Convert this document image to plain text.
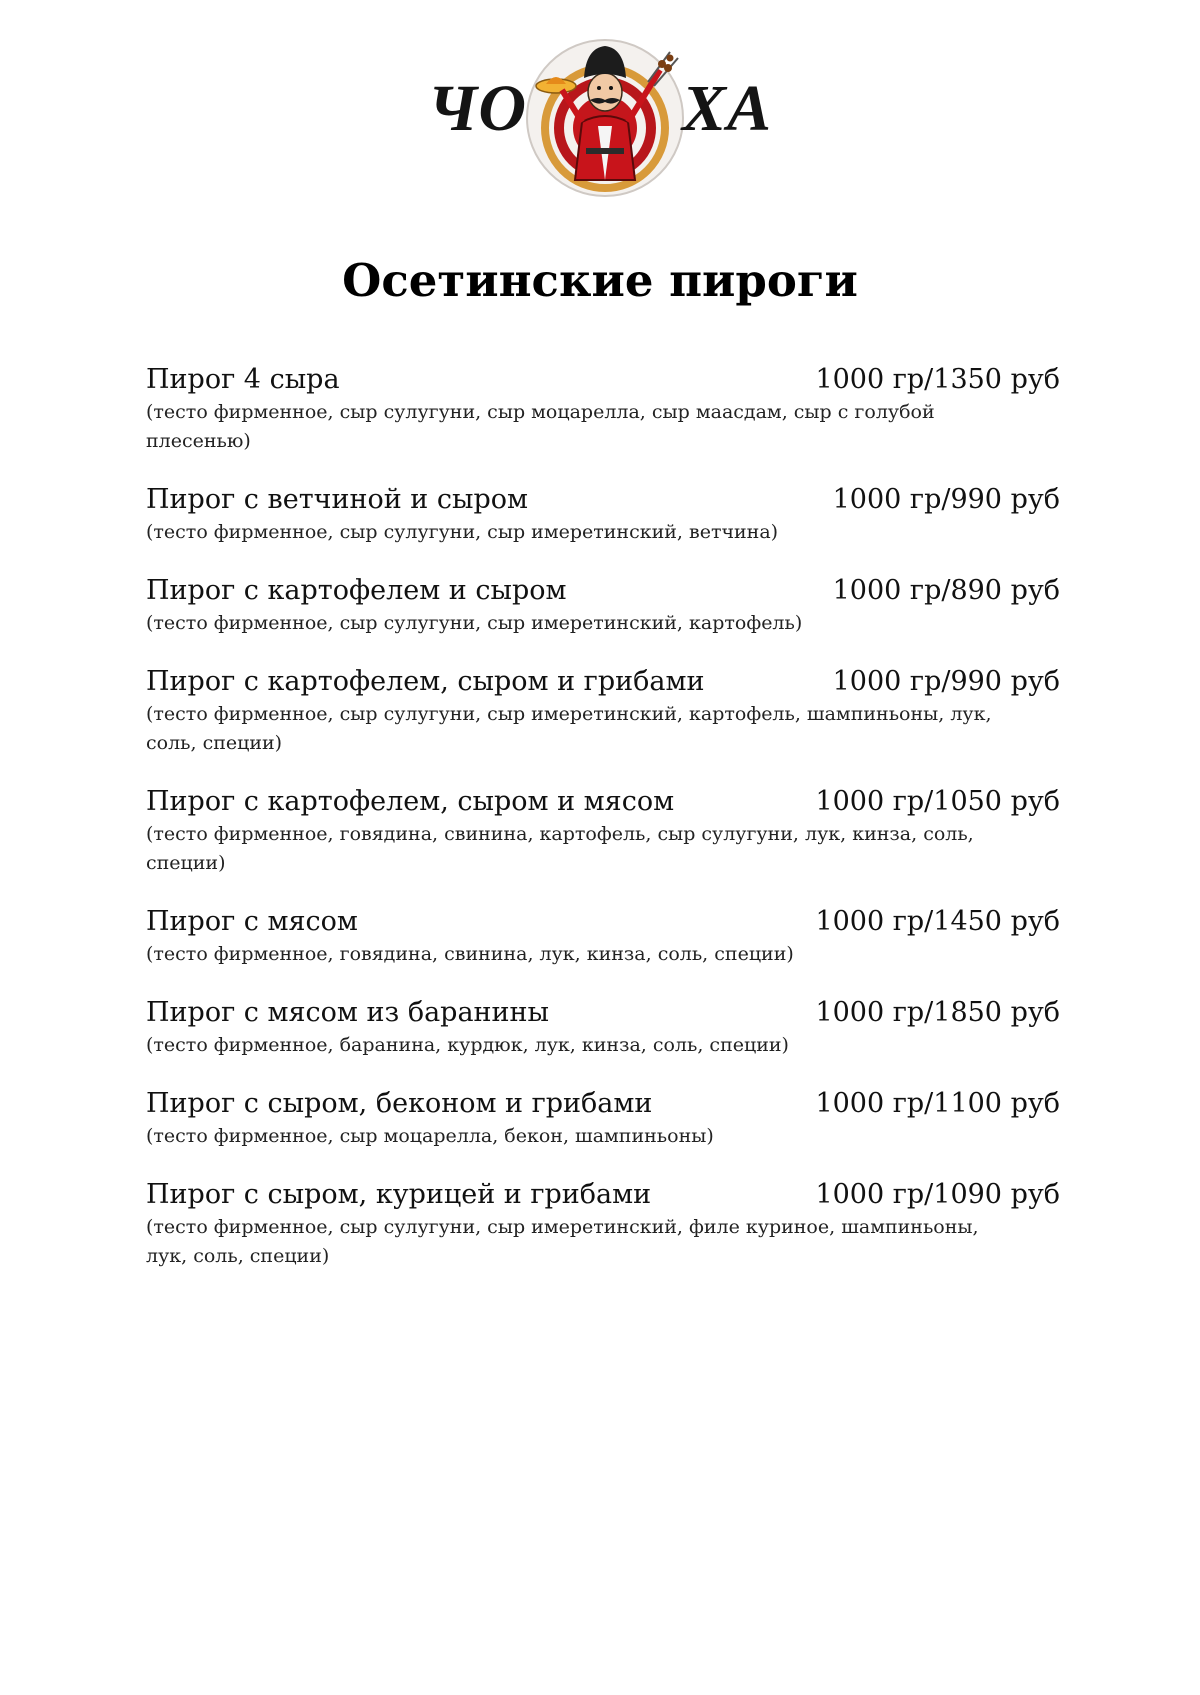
ЧО ХА
Осетинские пироги
Пирог 4 сыра	1000 гр/1350 руб
(тесто фирменное, сыр сулугуни, сыр моцарелла, сыр маасдам, сыр с голубой плесенью)
Пирог с ветчиной и сыром	1000 гр/990 руб
(тесто фирменное, сыр сулугуни, сыр имеретинский, ветчина)
Пирог с картофелем и сыром	1000 гр/890 руб
(тесто фирменное, сыр сулугуни, сыр имеретинский, картофель)
Пирог с картофелем, сыром и грибами	1000 гр/990 руб
(тесто фирменное, сыр сулугуни, сыр имеретинский, картофель, шампиньоны, лук, соль, специи)
Пирог с картофелем, сыром и мясом	1000 гр/1050 руб
(тесто фирменное, говядина, свинина, картофель, сыр сулугуни, лук, кинза, соль, специи)
Пирог с мясом	1000 гр/1450 руб
(тесто фирменное, говядина, свинина, лук, кинза, соль, специи)
Пирог с мясом из баранины	1000 гр/1850 руб
(тесто фирменное, баранина, курдюк, лук, кинза, соль, специи)
Пирог с сыром, беконом и грибами	1000 гр/1100 руб
(тесто фирменное, сыр моцарелла, бекон, шампиньоны)
Пирог с сыром, курицей и грибами	1000 гр/1090 руб
(тесто фирменное, сыр сулугуни, сыр имеретинский, филе куриное, шампиньоны, лук, соль, специи)
